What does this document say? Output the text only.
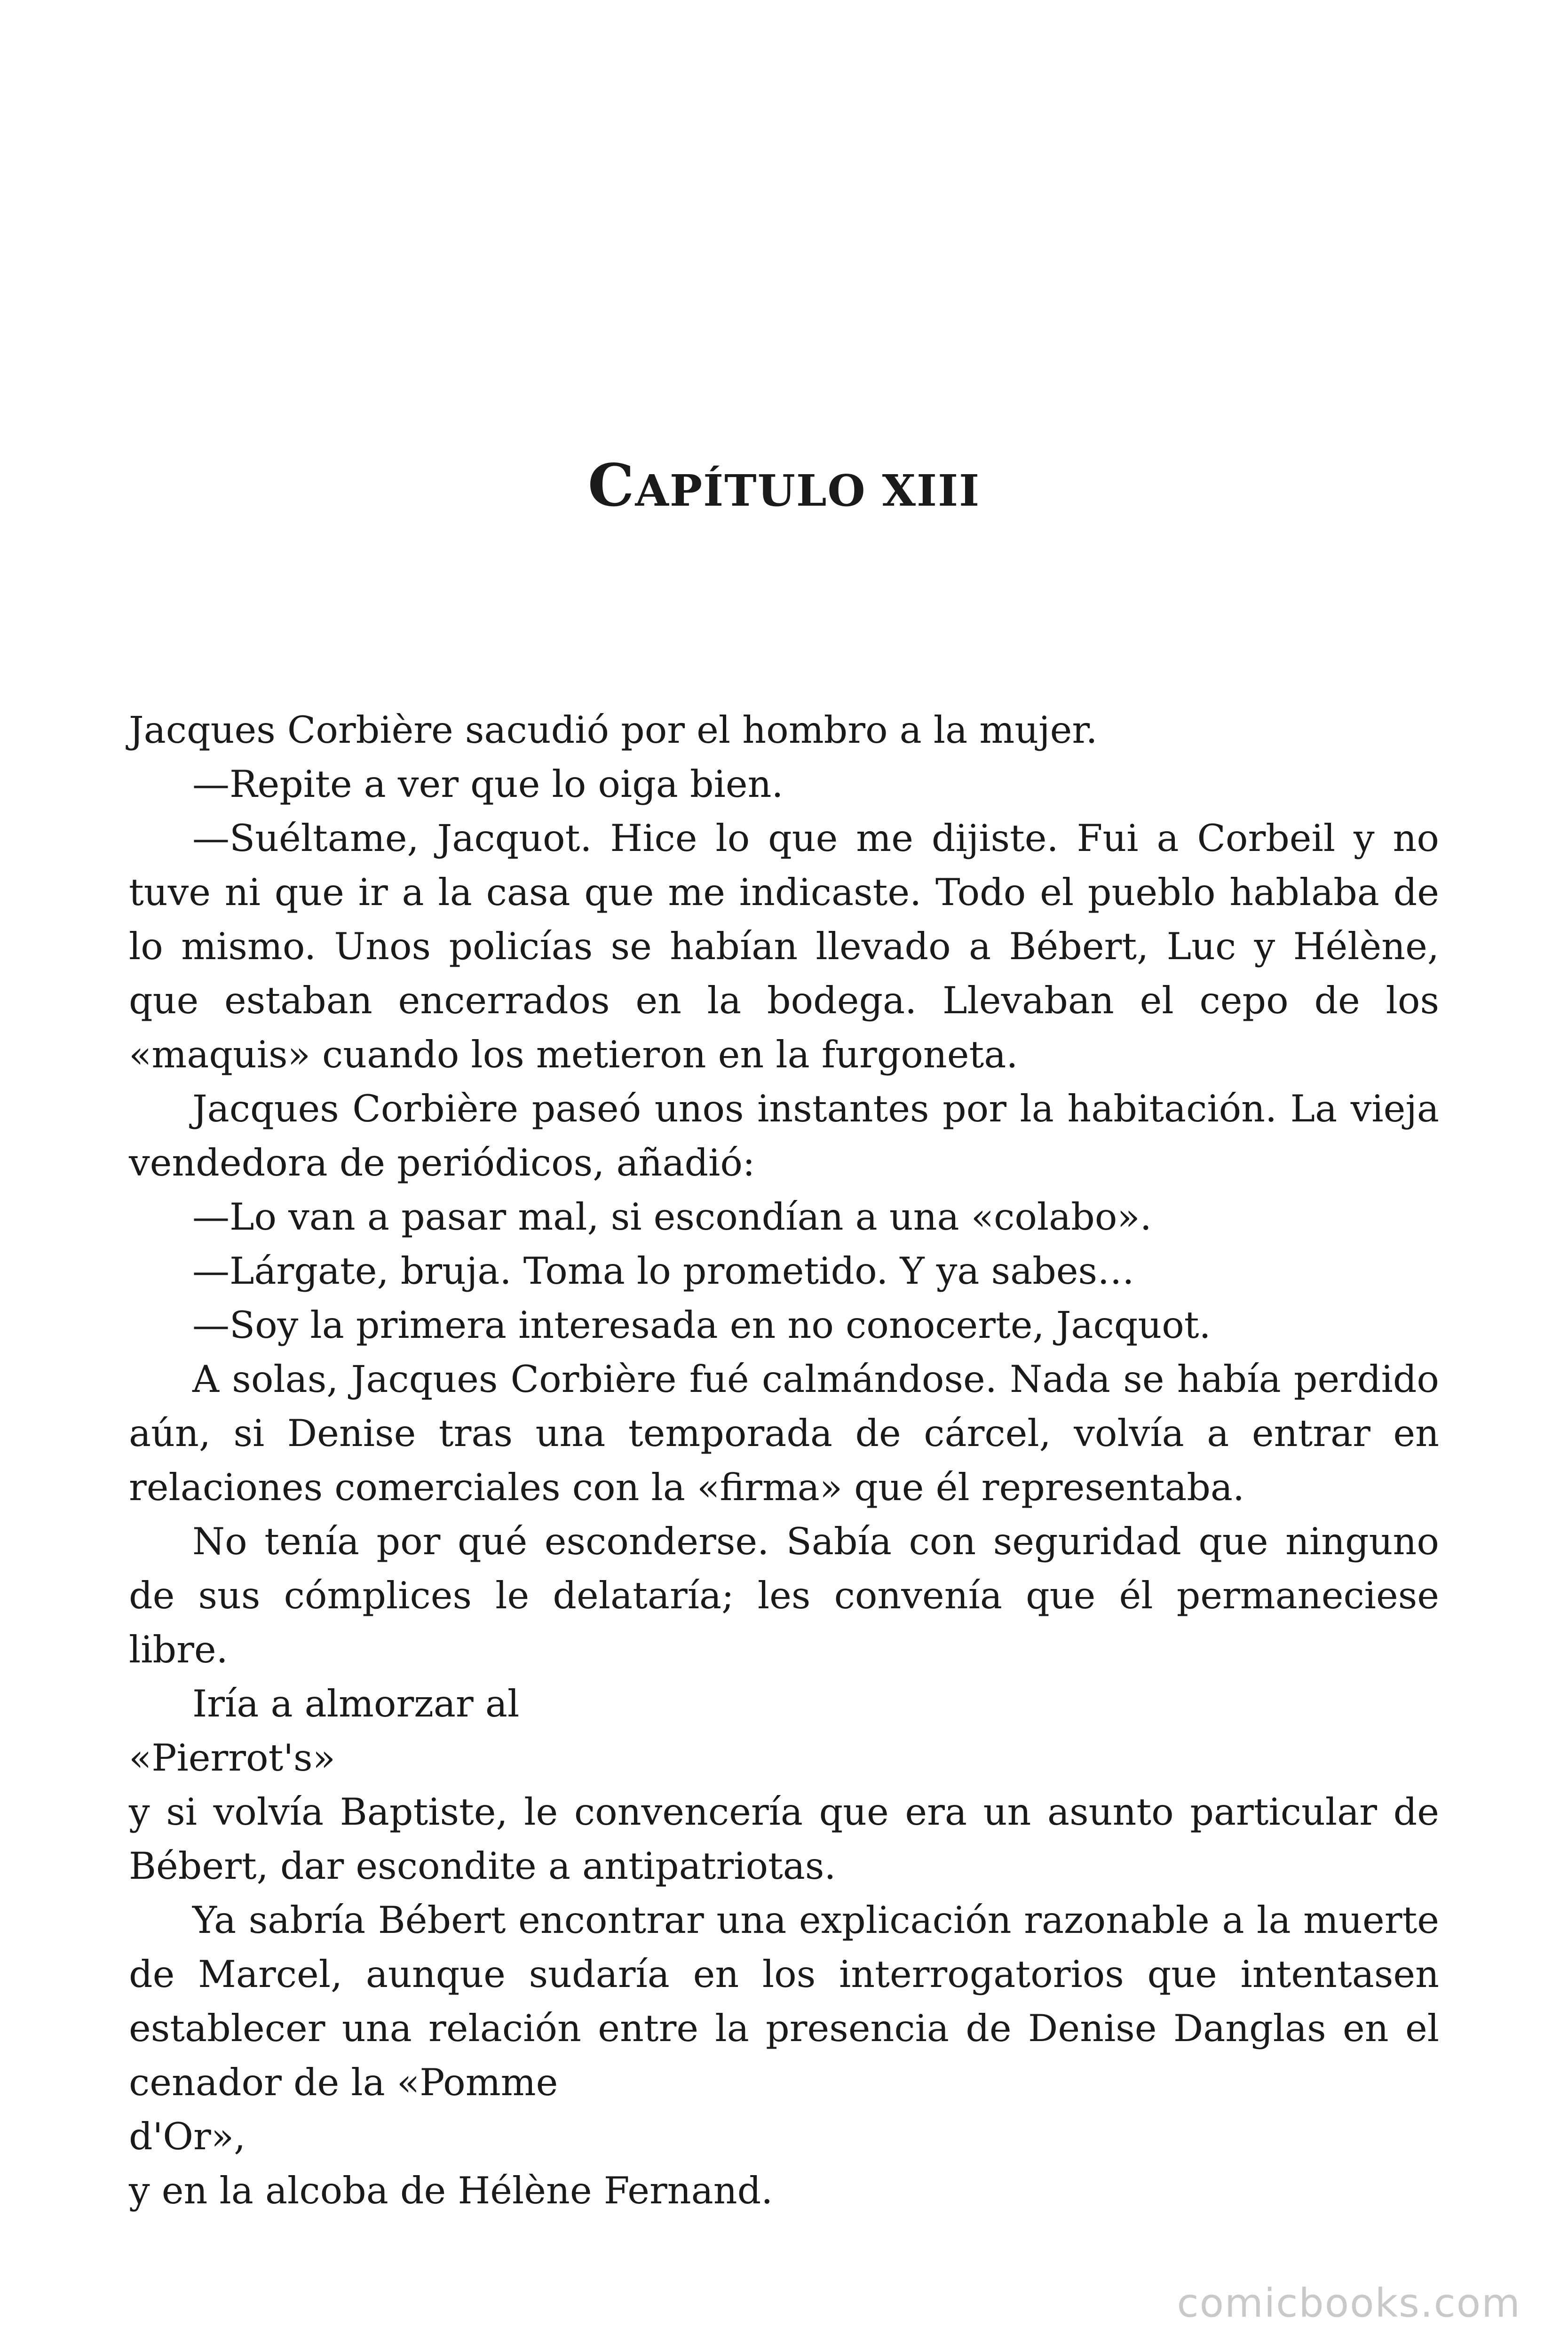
CAPÍTULO XIII

Jacques Corbière sacudió por el hombro a la mujer.

—Repite a ver que lo oiga bien.

—Suéltame, Jacquot. Hice lo que me dijiste. Fui a Corbeil y no tuve ni que ir a la casa que me indicaste. Todo el pueblo hablaba de lo mismo. Unos policías se habían llevado a Bébert, Luc y Hélène, que estaban encerrados en la bodega. Llevaban el cepo de los «maquis» cuando los metieron en la furgoneta.

Jacques Corbière paseó unos instantes por la habitación. La vieja vendedora de periódicos, añadió:

—Lo van a pasar mal, si escondían a una «colabo».

—Lárgate, bruja. Toma lo prometido. Y ya sabes…

—Soy la primera interesada en no conocerte, Jacquot.

A solas, Jacques Corbière fué calmándose. Nada se había perdido aún, si Denise tras una temporada de cárcel, volvía a entrar en relaciones comerciales con la «firma» que él representaba.

No tenía por qué esconderse. Sabía con seguridad que ninguno de sus cómplices le delataría; les convenía que él permaneciese libre.

Iría a almorzar al

«Pierrot's»

y si volvía Baptiste, le convencería que era un asunto particular de Bébert, dar escondite a antipatriotas.

Ya sabría Bébert encontrar una explicación razonable a la muerte de Marcel, aunque sudaría en los interrogatorios que intentasen establecer una relación entre la presencia de Denise Danglas en el cenador de la «Pomme

d'Or»,

y en la alcoba de Hélène Fernand.

comicbooks.com
